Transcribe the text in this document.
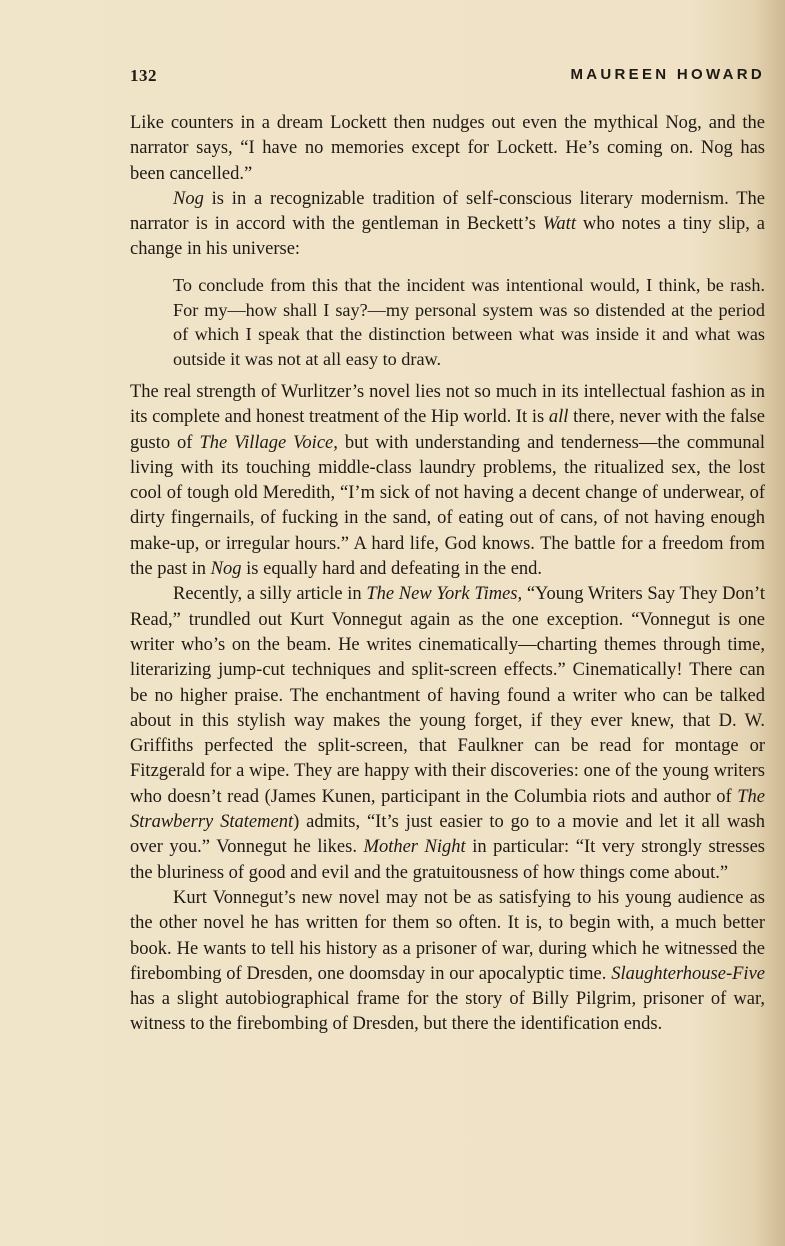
132	MAUREEN HOWARD

Like counters in a dream Lockett then nudges out even the mythical Nog, and the narrator says, “I have no memories except for Lockett. He’s coming on. Nog has been cancelled.”

Nog is in a recognizable tradition of self-conscious literary modernism. The narrator is in accord with the gentleman in Beckett’s Watt who notes a tiny slip, a change in his universe:

To conclude from this that the incident was intentional would, I think, be rash. For my—how shall I say?—my personal system was so distended at the period of which I speak that the distinction between what was inside it and what was outside it was not at all easy to draw.

The real strength of Wurlitzer’s novel lies not so much in its intellectual fashion as in its complete and honest treatment of the Hip world. It is all there, never with the false gusto of The Village Voice, but with understanding and tenderness—the communal living with its touching middle-class laundry problems, the ritualized sex, the lost cool of tough old Meredith, “I’m sick of not having a decent change of underwear, of dirty fingernails, of fucking in the sand, of eating out of cans, of not having enough make-up, or irregular hours.” A hard life, God knows. The battle for a freedom from the past in Nog is equally hard and defeating in the end.

Recently, a silly article in The New York Times, “Young Writers Say They Don’t Read,” trundled out Kurt Vonnegut again as the one exception. “Vonnegut is one writer who’s on the beam. He writes cinematically—charting themes through time, literarizing jump-cut techniques and split-screen effects.” Cinematically! There can be no higher praise. The enchantment of having found a writer who can be talked about in this stylish way makes the young forget, if they ever knew, that D. W. Griffiths perfected the split-screen, that Faulkner can be read for montage or Fitzgerald for a wipe. They are happy with their discoveries: one of the young writers who doesn’t read (James Kunen, participant in the Columbia riots and author of The Strawberry Statement) admits, “It’s just easier to go to a movie and let it all wash over you.” Vonnegut he likes. Mother Night in particular: “It very strongly stresses the bluriness of good and evil and the gratuitousness of how things come about.”

Kurt Vonnegut’s new novel may not be as satisfying to his young audience as the other novel he has written for them so often. It is, to begin with, a much better book. He wants to tell his history as a prisoner of war, during which he witnessed the firebombing of Dresden, one doomsday in our apocalyptic time. Slaughterhouse-Five has a slight autobiographical frame for the story of Billy Pilgrim, prisoner of war, witness to the firebombing of Dresden, but there the identification ends.
